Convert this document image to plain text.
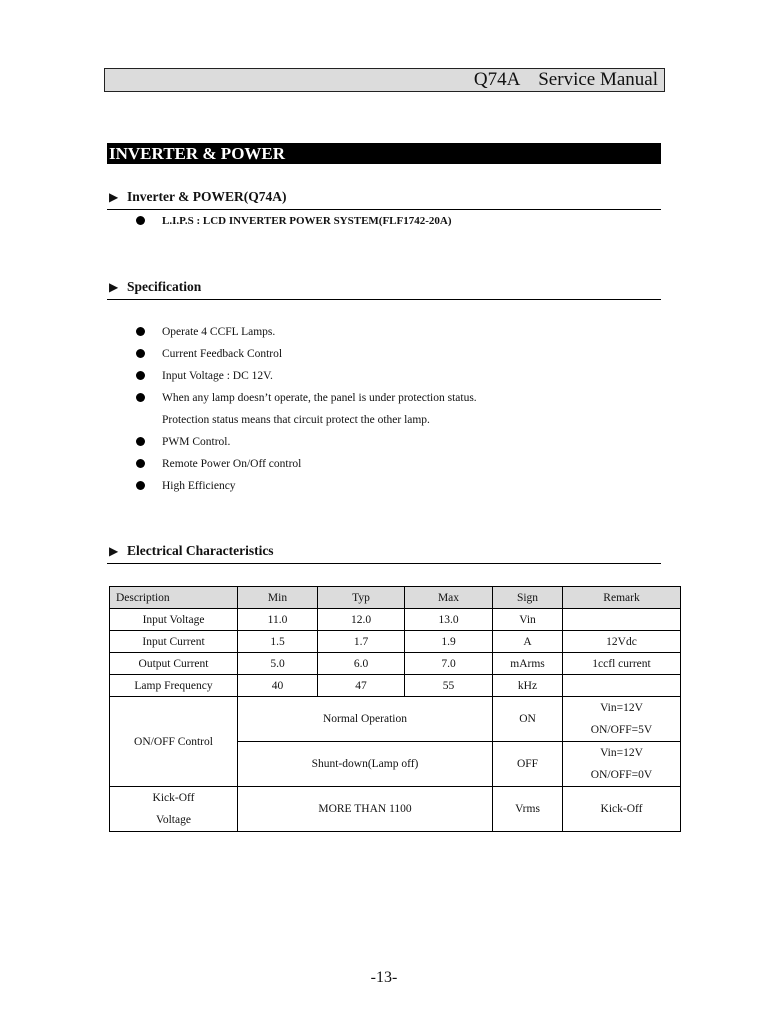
Q74A    Service Manual
INVERTER & POWER
▶ Inverter & POWER(Q74A)
L.I.P.S : LCD INVERTER POWER SYSTEM(FLF1742-20A)
▶ Specification
Operate 4 CCFL Lamps.
Current Feedback Control
Input Voltage : DC 12V.
When any lamp doesn’t operate, the panel is under protection status.
Protection status means that circuit protect the other lamp.
PWM Control.
Remote Power On/Off control
High Efficiency
▶ Electrical Characteristics
Description	Min	Typ	Max	Sign	Remark
Input Voltage	11.0	12.0	13.0	Vin	
Input Current	1.5	1.7	1.9	A	12Vdc
Output Current	5.0	6.0	7.0	mArms	1ccfl current
Lamp Frequency	40	47	55	kHz	
ON/OFF Control	Normal Operation			ON	Vin=12V
ON/OFF=5V

	Shunt-down(Lamp off)			OFF	Vin=12V
ON/OFF=0V

Kick-Off
Voltage	MORE THAN 1100			Vrms	Kick-Off
-13-
